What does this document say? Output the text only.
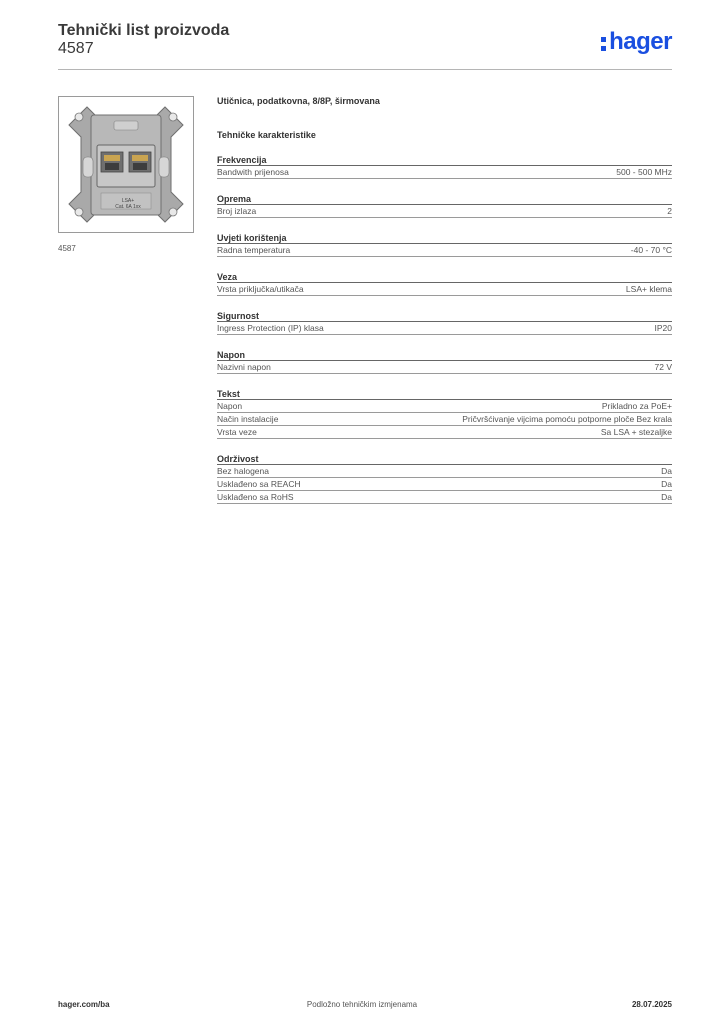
Tehnički list proizvoda
4587	hager
LSA+
Cat. 6A 1xx
4587
Utičnica, podatkovna, 8/8P, širmovana
Tehničke karakteristike
Frekvencija
Bandwith prijenosa	500 - 500 MHz
Oprema
Broj izlaza	2
Uvjeti korištenja
Radna temperatura	-40 - 70 °C
Veza
Vrsta priključka/utikača	LSA+ klema
Sigurnost
Ingress Protection (IP) klasa	IP20
Napon
Nazivni napon	72 V
Tekst
Napon	Prikladno za PoE+
Način instalacije	Pričvršćivanje vijcima pomoću potporne ploče Bez krala
Vrsta veze	Sa LSA + stezaljke
Održivost
Bez halogena	Da
Usklađeno sa REACH	Da
Usklađeno sa RoHS	Da
hager.com/ba	Podložno tehničkim izmjenama	28.07.2025
